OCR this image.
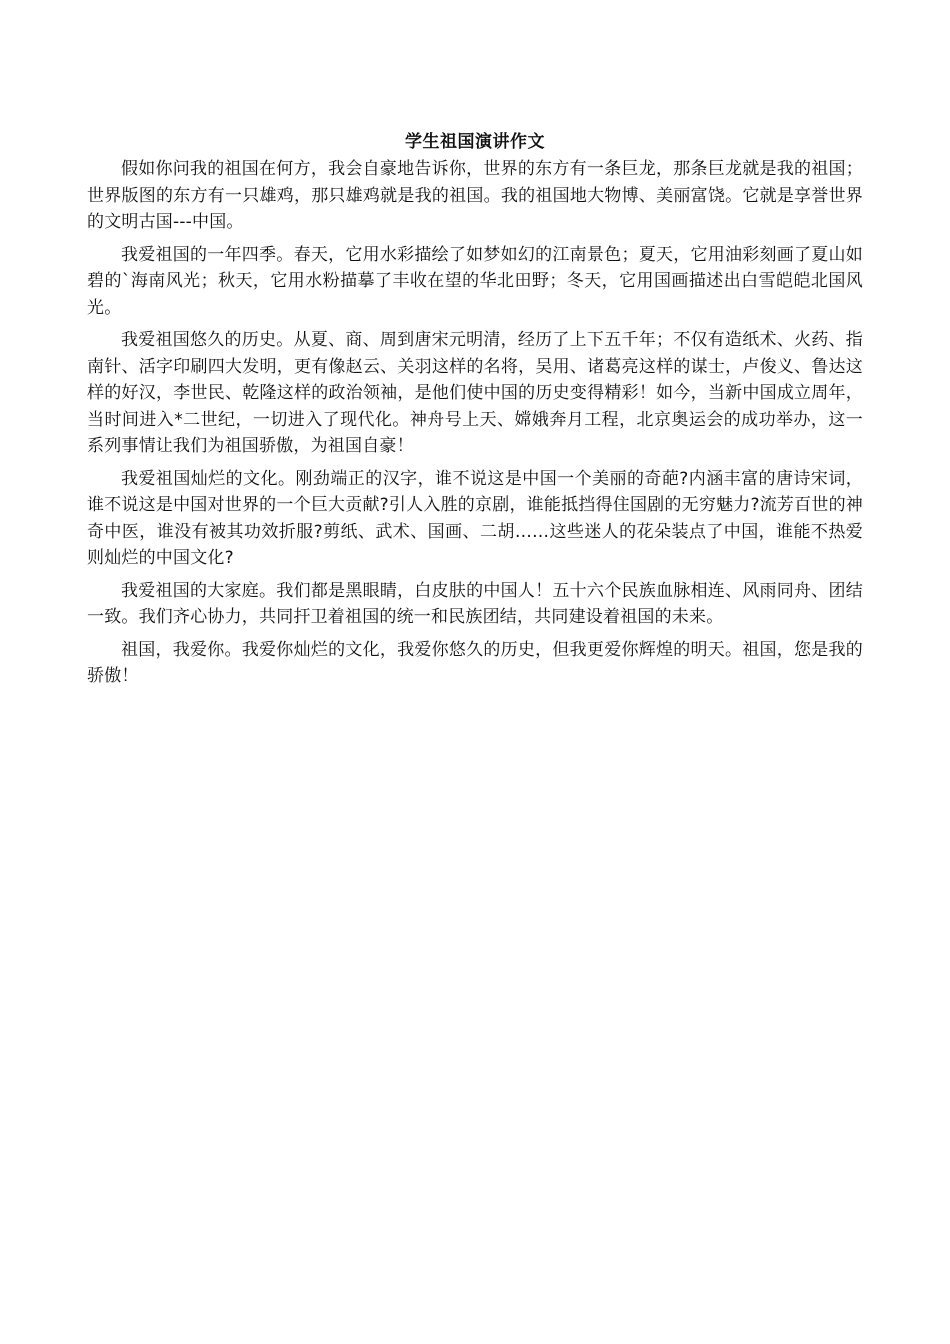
学生祖国演讲作文

假如你问我的祖国在何方，我会自豪地告诉你，世界的东方有一条巨龙，那条巨龙就是我的祖国；世界版图的东方有一只雄鸡，那只雄鸡就是我的祖国。我的祖国地大物博、美丽富饶。它就是享誉世界的文明古国---中国。

我爱祖国的一年四季。春天，它用水彩描绘了如梦如幻的江南景色；夏天，它用油彩刻画了夏山如碧的`海南风光；秋天，它用水粉描摹了丰收在望的华北田野；冬天，它用国画描述出白雪皑皑北国风光。

我爱祖国悠久的历史。从夏、商、周到唐宋元明清，经历了上下五千年；不仅有造纸术、火药、指南针、活字印刷四大发明，更有像赵云、关羽这样的名将，吴用、诸葛亮这样的谋士，卢俊义、鲁达这样的好汉，李世民、乾隆这样的政治领袖，是他们使中国的历史变得精彩！如今，当新中国成立周年，当时间进入*二世纪，一切进入了现代化。神舟号上天、嫦娥奔月工程，北京奥运会的成功举办，这一系列事情让我们为祖国骄傲，为祖国自豪！

我爱祖国灿烂的文化。刚劲端正的汉字，谁不说这是中国一个美丽的奇葩?内涵丰富的唐诗宋词，谁不说这是中国对世界的一个巨大贡献?引人入胜的京剧，谁能抵挡得住国剧的无穷魅力?流芳百世的神奇中医，谁没有被其功效折服?剪纸、武术、国画、二胡……这些迷人的花朵装点了中国，谁能不热爱则灿烂的中国文化?

我爱祖国的大家庭。我们都是黑眼睛，白皮肤的中国人！五十六个民族血脉相连、风雨同舟、团结一致。我们齐心协力，共同扞卫着祖国的统一和民族团结，共同建设着祖国的未来。

祖国，我爱你。我爱你灿烂的文化，我爱你悠久的历史，但我更爱你辉煌的明天。祖国，您是我的骄傲！
